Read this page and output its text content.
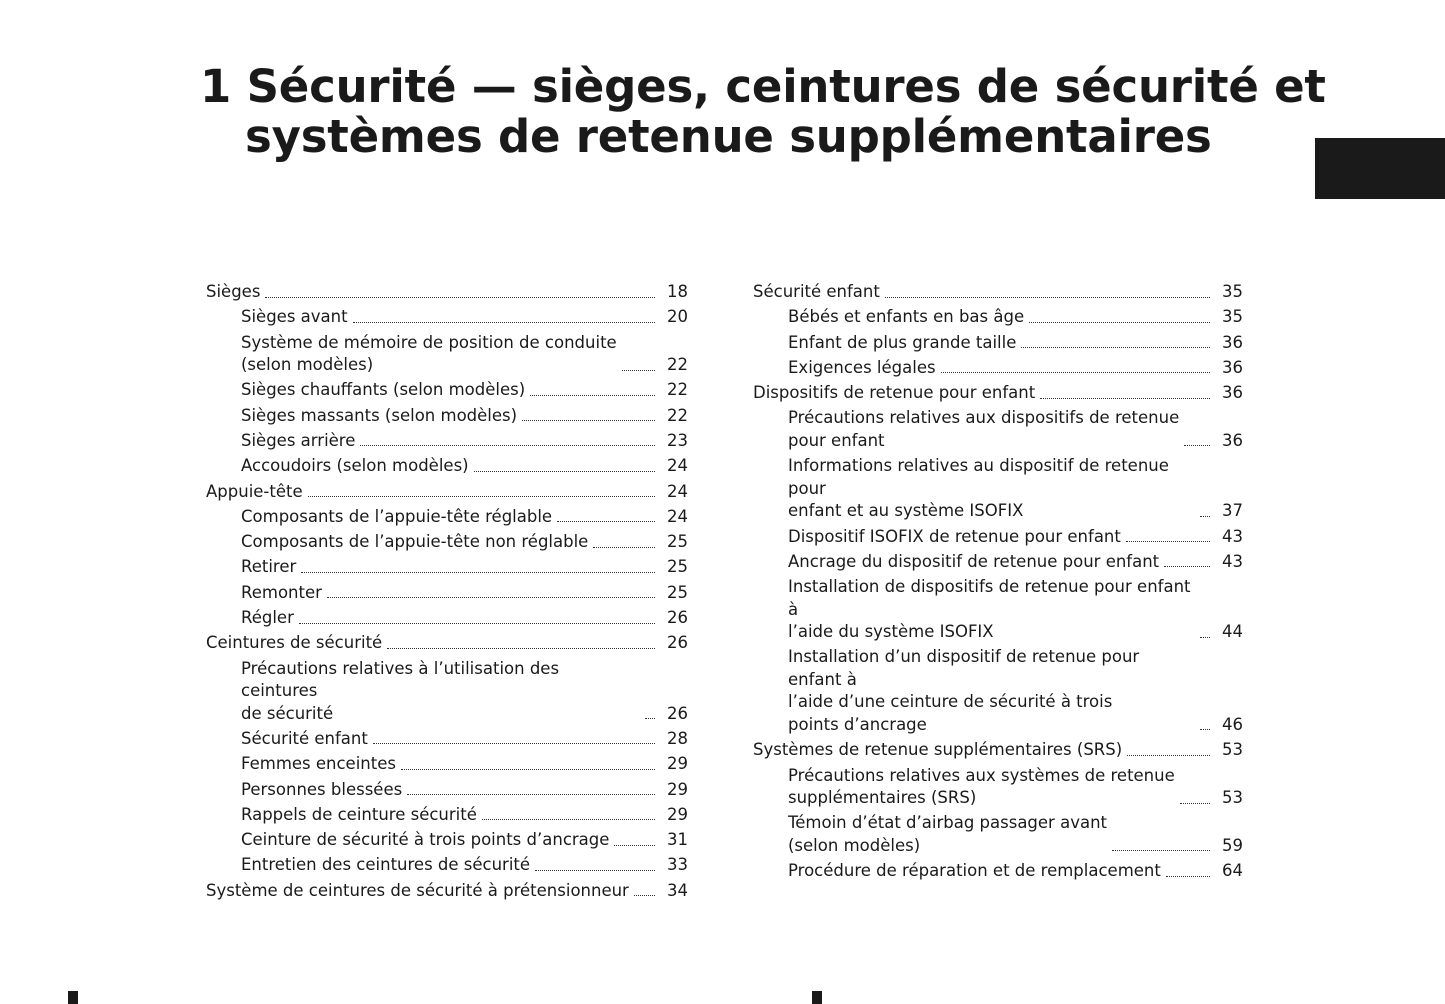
1 Sécurité — sièges, ceintures de sécurité et
systèmes de retenue supplémentaires
Sièges	18
Sièges avant	20
Système de mémoire de position de conduite
(selon modèles)	22
Sièges chauffants (selon modèles)	22
Sièges massants (selon modèles)	22
Sièges arrière	23
Accoudoirs (selon modèles)	24
Appuie-tête	24
Composants de l’appuie-tête réglable	24
Composants de l’appuie-tête non réglable	25
Retirer	25
Remonter	25
Régler	26
Ceintures de sécurité	26
Précautions relatives à l’utilisation des ceintures
de sécurité	26
Sécurité enfant	28
Femmes enceintes	29
Personnes blessées	29
Rappels de ceinture sécurité	29
Ceinture de sécurité à trois points d’ancrage	31
Entretien des ceintures de sécurité	33
Système de ceintures de sécurité à prétensionneur 34
Sécurité enfant	35
Bébés et enfants en bas âge	35
Enfant de plus grande taille	36
Exigences légales	36
Dispositifs de retenue pour enfant	36
Précautions relatives aux dispositifs de retenue
pour enfant	36
Informations relatives au dispositif de retenue pour
enfant et au système ISOFIX	37
Dispositif ISOFIX de retenue pour enfant	43
Ancrage du dispositif de retenue pour enfant	43
Installation de dispositifs de retenue pour enfant à
l’aide du système ISOFIX	44
Installation d’un dispositif de retenue pour enfant à
l’aide d’une ceinture de sécurité à trois
points d’ancrage	46
Systèmes de retenue supplémentaires (SRS)	53
Précautions relatives aux systèmes de retenue
supplémentaires (SRS)	53
Témoin d’état d’airbag passager avant
(selon modèles)	59
Procédure de réparation et de remplacement	64
